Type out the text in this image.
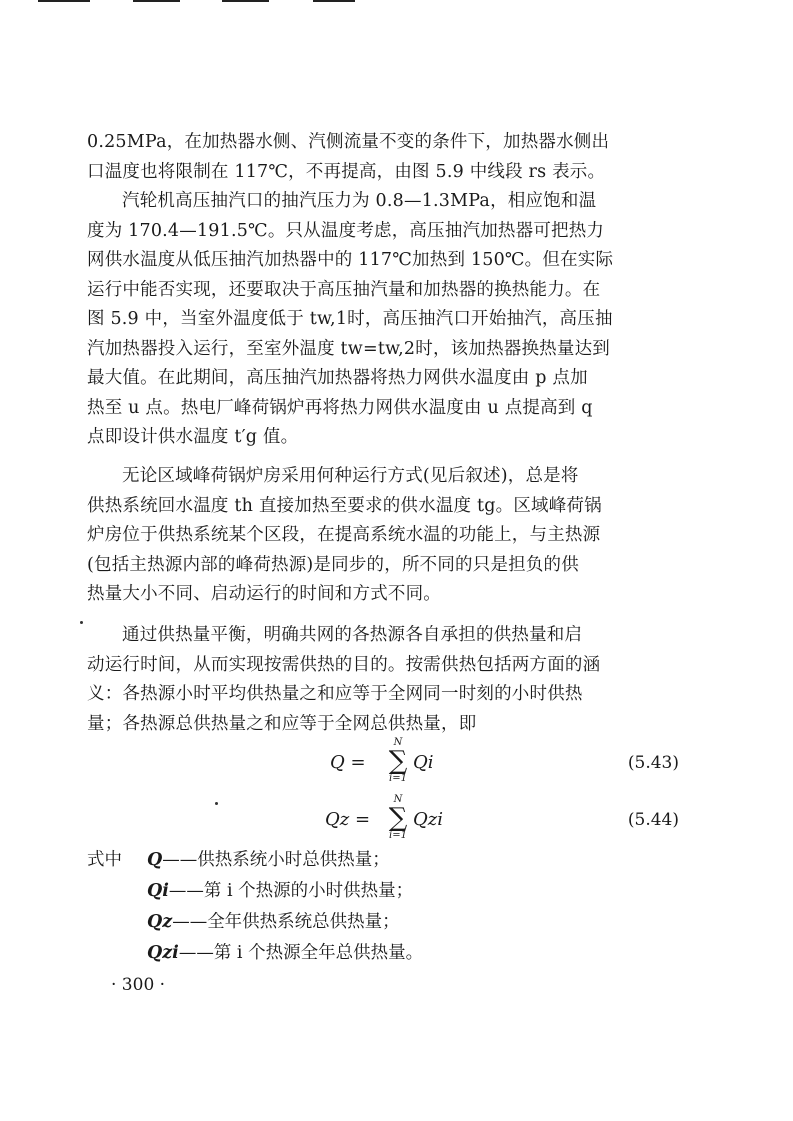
0.25MPa，在加热器水侧、汽侧流量不变的条件下，加热器水侧出
口温度也将限制在 117℃，不再提高，由图 5.9 中线段 rs 表示。
汽轮机高压抽汽口的抽汽压力为 0.8—1.3MPa，相应饱和温
度为 170.4—191.5℃。只从温度考虑，高压抽汽加热器可把热力
网供水温度从低压抽汽加热器中的 117℃加热到 150℃。但在实际
运行中能否实现，还要取决于高压抽汽量和加热器的换热能力。在
图 5.9 中，当室外温度低于 tw,1时，高压抽汽口开始抽汽，高压抽
汽加热器投入运行，至室外温度 tw=tw,2时，该加热器换热量达到
最大值。在此期间，高压抽汽加热器将热力网供水温度由 p 点加
热至 u 点。热电厂峰荷锅炉再将热力网供水温度由 u 点提高到 q
点即设计供水温度 t′g 值。
无论区域峰荷锅炉房采用何种运行方式(见后叙述)，总是将
供热系统回水温度 th 直接加热至要求的供水温度 tg。区域峰荷锅
炉房位于供热系统某个区段，在提高系统水温的功能上，与主热源
(包括主热源内部的峰荷热源)是同步的，所不同的只是担负的供
热量大小不同、启动运行的时间和方式不同。
通过供热量平衡，明确共网的各热源各自承担的供热量和启
动运行时间，从而实现按需供热的目的。按需供热包括两方面的涵
义：各热源小时平均供热量之和应等于全网同一时刻的小时供热
量；各热源总供热量之和应等于全网总供热量，即
Q =
N
∑
i=1
Qi	(5.43)
Qz =
N
∑
i=1
Qzi	(5.44)
式中 Q——供热系统小时总供热量；
Qi——第 i 个热源的小时供热量；
Qz——全年供热系统总供热量；
Qzi——第 i 个热源全年总供热量。
· 300 ·
